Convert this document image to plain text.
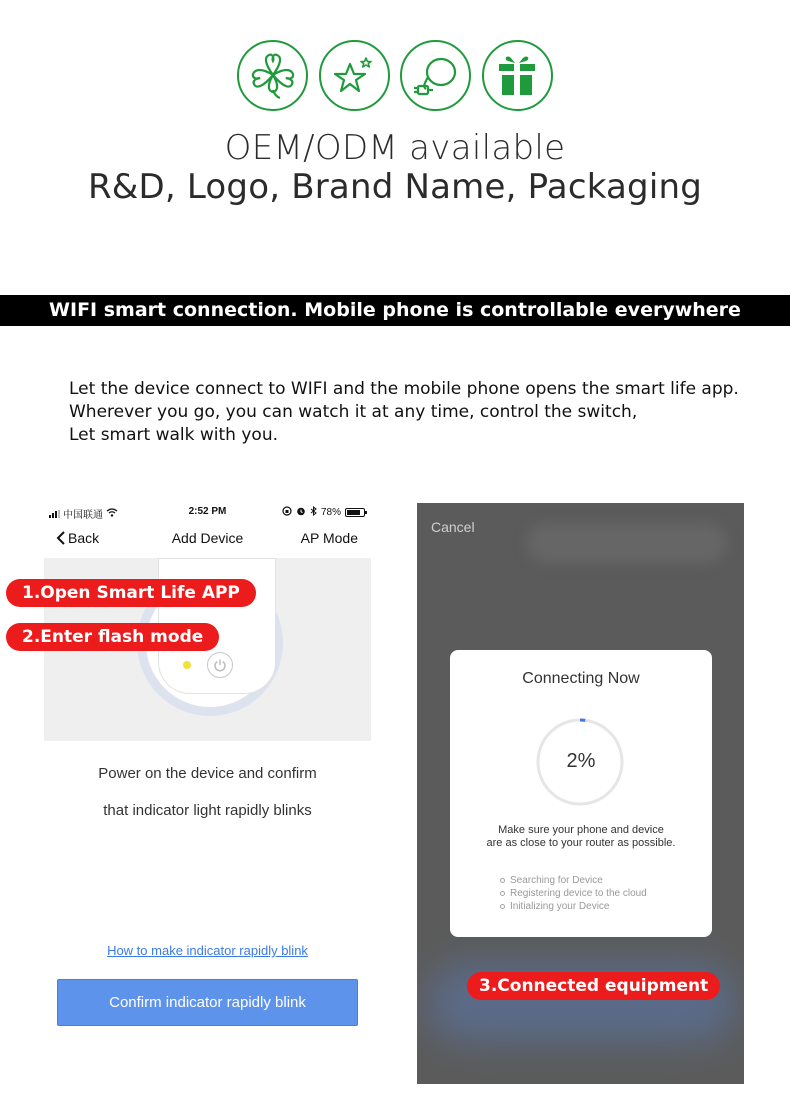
OEM/ODM available
R&D, Logo, Brand Name, Packaging
WIFI smart connection. Mobile phone is controllable everywhere
Let the device connect to WIFI and the mobile phone opens the smart life app.
Wherever you go, you can watch it at any time, control the switch,
Let smart walk with you.
中国联通	2:52 PM	78%
Back	Add Device	AP Mode
Power on the device and confirm
that indicator light rapidly blinks
How to make indicator rapidly blink
Confirm indicator rapidly blink
1.Open Smart Life APP
2.Enter flash mode
Cancel
Connecting Now
2%
Make sure your phone and device
are as close to your router as possible.
Searching for Device
Registering device to the cloud
Initializing your Device
3.Connected equipment
